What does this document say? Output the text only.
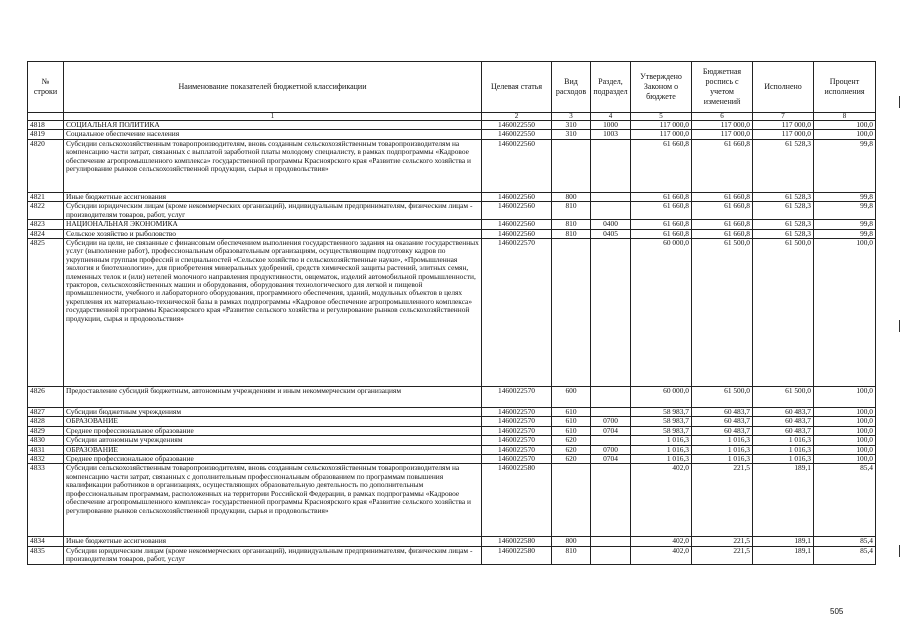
№ строки	Наименование показателей бюджетной классификации	Целевая статья	Вид расходов	Раздел, подраздел	Утверждено Законом о бюджете	Бюджетная роспись с учетом изменений	Исполнено	Процент исполнения
	1	2	3	4	5	6	7	8
4818	СОЦИАЛЬНАЯ ПОЛИТИКА	1460022550	310	1000	117 000,0	117 000,0	117 000,0	100,0
4819	Социальное обеспечение населения	1460022550	310	1003	117 000,0	117 000,0	117 000,0	100,0
4820	Субсидии сельскохозяйственным товаропроизводителям, вновь созданным сельскохозяйственным товаропроизводителям на компенсацию части затрат, связанных с выплатой заработной платы молодому специалисту, в рамках подпрограммы «Кадровое обеспечение агропромышленного комплекса» государственной программы Красноярского края «Развитие сельского хозяйства и регулирование рынков сельскохозяйственной продукции, сырья и продовольствия»	1460022560			61 660,8	61 660,8	61 528,3	99,8
4821	Иные бюджетные ассигнования	1460022560	800		61 660,8	61 660,8	61 528,3	99,8
4822	Субсидии юридическим лицам (кроме некоммерческих организаций), индивидуальным предпринимателям, физическим лицам - производителям товаров, работ, услуг	1460022560	810		61 660,8	61 660,8	61 528,3	99,8
4823	НАЦИОНАЛЬНАЯ ЭКОНОМИКА	1460022560	810	0400	61 660,8	61 660,8	61 528,3	99,8
4824	Сельское хозяйство и рыболовство	1460022560	810	0405	61 660,8	61 660,8	61 528,3	99,8
4825	Субсидии на цели, не связанные с финансовым обеспечением выполнения государственного задания на оказание государственных услуг (выполнение работ), профессиональным образовательным организациям, осуществляющим подготовку кадров по укрупненным группам профессий и специальностей «Сельское хозяйство и сельскохозяйственные науки», «Промышленная экология и биотехнологии», для приобретения минеральных удобрений, средств химической защиты растений, элитных семян, племенных телок и (или) нетелей молочного направления продуктивности, овцематок, изделий автомобильной промышленности, тракторов, сельскохозяйственных машин и оборудования, оборудования технологического для легкой и пищевой промышленности, учебного и лабораторного оборудования, программного обеспечения, зданий, модульных объектов в целях укрепления их материально-технической базы в рамках подпрограммы «Кадровое обеспечение агропромышленного комплекса» государственной программы Красноярского края «Развитие сельского хозяйства и регулирование рынков сельскохозяйственной продукции, сырья и продовольствия»	1460022570			60 000,0	61 500,0	61 500,0	100,0
4826	Предоставление субсидий бюджетным, автономным учреждениям и иным некоммерческим организациям	1460022570	600		60 000,0	61 500,0	61 500,0	100,0
4827	Субсидии бюджетным учреждениям	1460022570	610		58 983,7	60 483,7	60 483,7	100,0
4828	ОБРАЗОВАНИЕ	1460022570	610	0700	58 983,7	60 483,7	60 483,7	100,0
4829	Среднее профессиональное образование	1460022570	610	0704	58 983,7	60 483,7	60 483,7	100,0
4830	Субсидии автономным учреждениям	1460022570	620		1 016,3	1 016,3	1 016,3	100,0
4831	ОБРАЗОВАНИЕ	1460022570	620	0700	1 016,3	1 016,3	1 016,3	100,0
4832	Среднее профессиональное образование	1460022570	620	0704	1 016,3	1 016,3	1 016,3	100,0
4833	Субсидии сельскохозяйственным товаропроизводителям, вновь созданным сельскохозяйственным товаропроизводителям на компенсацию части затрат, связанных с дополнительным профессиональным образованием по программам повышения квалификации работников в организациях, осуществляющих образовательную деятельность по дополнительным профессиональным программам, расположенных на территории Российской Федерации, в рамках подпрограммы «Кадровое обеспечение агропромышленного комплекса» государственной программы Красноярского края «Развитие сельского хозяйства и регулирование рынков сельскохозяйственной продукции, сырья и продовольствия»	1460022580			402,0	221,5	189,1	85,4
4834	Иные бюджетные ассигнования	1460022580	800		402,0	221,5	189,1	85,4
4835	Субсидии юридическим лицам (кроме некоммерческих организаций), индивидуальным предпринимателям, физическим лицам - производителям товаров, работ, услуг	1460022580	810		402,0	221,5	189,1	85,4
505
